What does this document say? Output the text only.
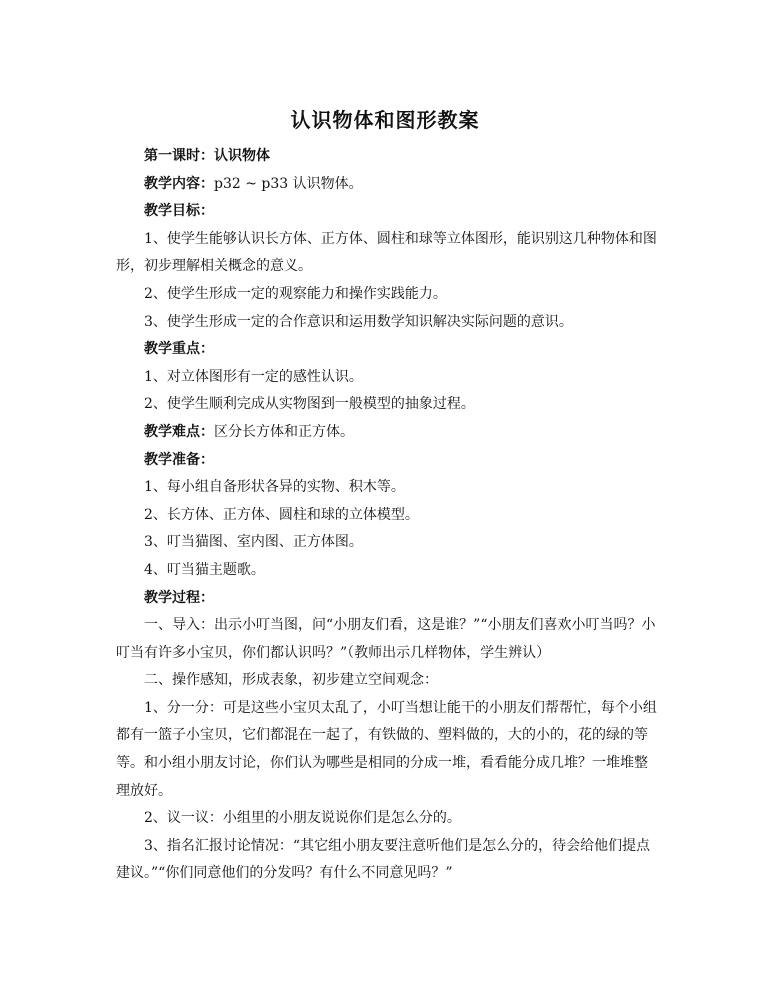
认识物体和图形教案

第一课时：认识物体

教学内容：p32 ~ p33 认识物体。

教学目标：

1、使学生能够认识长方体、正方体、圆柱和球等立体图形，能识别这几种物体和图形，初步理解相关概念的意义。

2、使学生形成一定的观察能力和操作实践能力。

3、使学生形成一定的合作意识和运用数学知识解决实际问题的意识。

教学重点：

1、对立体图形有一定的感性认识。

2、使学生顺利完成从实物图到一般模型的抽象过程。

教学难点：区分长方体和正方体。

教学准备：

1、每小组自备形状各异的实物、积木等。

2、长方体、正方体、圆柱和球的立体模型。

3、叮当猫图、室内图、正方体图。

4、叮当猫主题歌。

教学过程：

一、导入：出示小叮当图，问“小朋友们看，这是谁？”“小朋友们喜欢小叮当吗？小叮当有许多小宝贝，你们都认识吗？”（教师出示几样物体，学生辨认）

二、操作感知，形成表象，初步建立空间观念：

1、分一分：可是这些小宝贝太乱了，小叮当想让能干的小朋友们帮帮忙，每个小组都有一篮子小宝贝，它们都混在一起了，有铁做的、塑料做的，大的小的，花的绿的等等。和小组小朋友讨论，你们认为哪些是相同的分成一堆，看看能分成几堆？一堆堆整理放好。

2、议一议：小组里的小朋友说说你们是怎么分的。

3、指名汇报讨论情况：“其它组小朋友要注意听他们是怎么分的，待会给他们提点建议。”“你们同意他们的分发吗？有什么不同意见吗？”
